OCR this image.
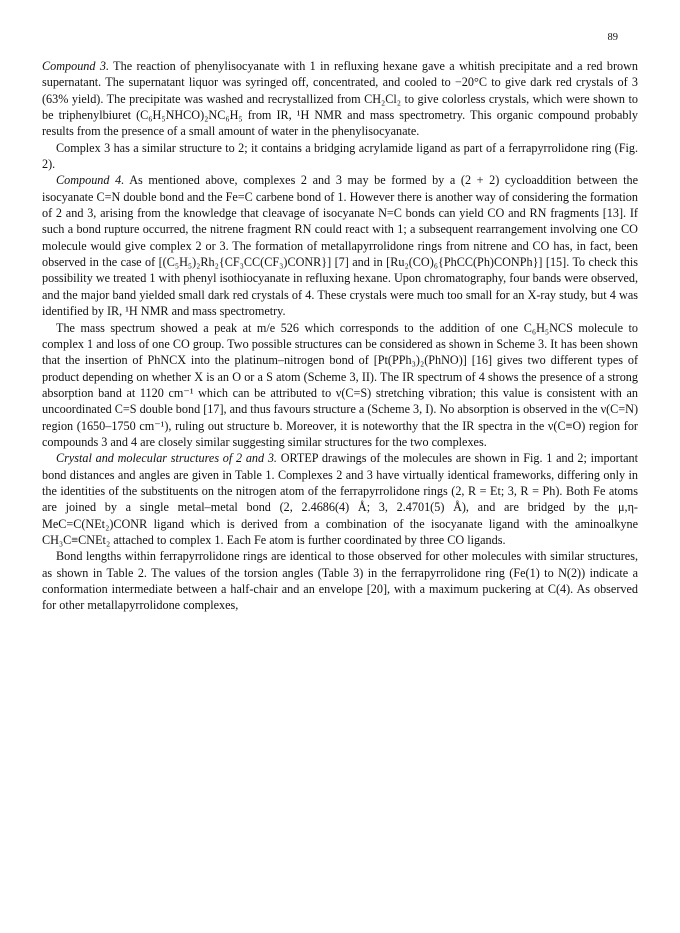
89

Compound 3. The reaction of phenylisocyanate with 1 in refluxing hexane gave a whitish precipitate and a red brown supernatant. The supernatant liquor was syringed off, concentrated, and cooled to −20°C to give dark red crystals of 3 (63% yield). The precipitate was washed and recrystallized from CH₂Cl₂ to give colorless crystals, which were shown to be triphenylbiuret (C₆H₅NHCO)₂NC₆H₅ from IR, ¹H NMR and mass spectrometry. This organic compound probably results from the presence of a small amount of water in the phenylisocyanate.

Complex 3 has a similar structure to 2; it contains a bridging acrylamide ligand as part of a ferrapyrrolidone ring (Fig. 2).

Compound 4. As mentioned above, complexes 2 and 3 may be formed by a (2 + 2) cycloaddition between the isocyanate C=N double bond and the Fe=C carbene bond of 1. However there is another way of considering the formation of 2 and 3, arising from the knowledge that cleavage of isocyanate N=C bonds can yield CO and RN fragments [13]. If such a bond rupture occurred, the nitrene fragment RN could react with 1; a subsequent rearrangement involving one CO molecule would give complex 2 or 3. The formation of metallapyrrolidone rings from nitrene and CO has, in fact, been observed in the case of [(C₅H₅)₂Rh₂{CF₃CC(CF₃)CONR}] [7] and in [Ru₂(CO)₆{PhCC(Ph)CONPh}] [15]. To check this possibility we treated 1 with phenyl isothiocyanate in refluxing hexane. Upon chromatography, four bands were observed, and the major band yielded small dark red crystals of 4. These crystals were much too small for an X-ray study, but 4 was identified by IR, ¹H NMR and mass spectrometry.

The mass spectrum showed a peak at m/e 526 which corresponds to the addition of one C₆H₅NCS molecule to complex 1 and loss of one CO group. Two possible structures can be considered as shown in Scheme 3. It has been shown that the insertion of PhNCX into the platinum–nitrogen bond of [Pt(PPh₃)₂(PhNO)] [16] gives two different types of product depending on whether X is an O or a S atom (Scheme 3, II). The IR spectrum of 4 shows the presence of a strong absorption band at 1120 cm⁻¹ which can be attributed to ν(C=S) stretching vibration; this value is consistent with an uncoordinated C=S double bond [17], and thus favours structure a (Scheme 3, I). No absorption is observed in the ν(C=N) region (1650–1750 cm⁻¹), ruling out structure b. Moreover, it is noteworthy that the IR spectra in the ν(C≡O) region for compounds 3 and 4 are closely similar suggesting similar structures for the two complexes.

Crystal and molecular structures of 2 and 3. ORTEP drawings of the molecules are shown in Fig. 1 and 2; important bond distances and angles are given in Table 1. Complexes 2 and 3 have virtually identical frameworks, differing only in the identities of the substituents on the nitrogen atom of the ferrapyrrolidone rings (2, R = Et; 3, R = Ph). Both Fe atoms are joined by a single metal–metal bond (2, 2.4686(4) Å; 3, 2.4701(5) Å), and are bridged by the μ,η-MeC=C(NEt₂)CONR ligand which is derived from a combination of the isocyanate ligand with the aminoalkyne CH₃C≡CNEt₂ attached to complex 1. Each Fe atom is further coordinated by three CO ligands.

Bond lengths within ferrapyrrolidone rings are identical to those observed for other molecules with similar structures, as shown in Table 2. The values of the torsion angles (Table 3) in the ferrapyrrolidone ring (Fe(1) to N(2)) indicate a conformation intermediate between a half-chair and an envelope [20], with a maximum puckering at C(4). As observed for other metallapyrrolidone complexes,
